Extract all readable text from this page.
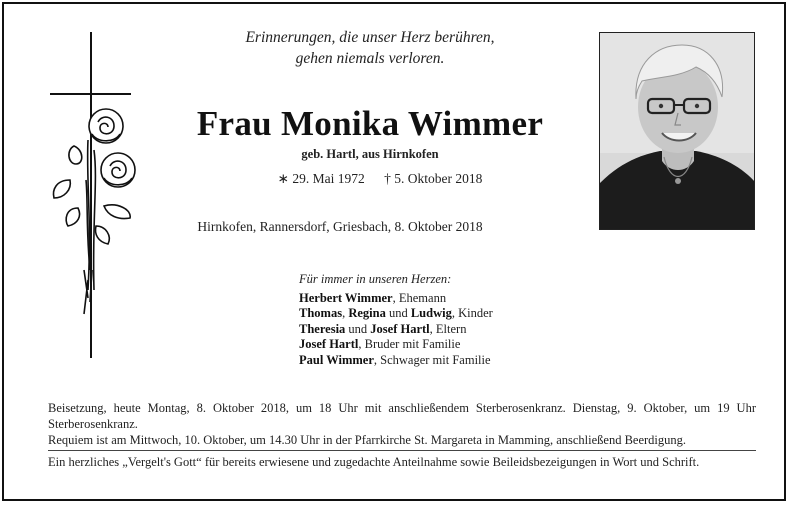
Erinnerungen, die unser Herz berühren,
gehen niemals verloren.
Frau Monika Wimmer
geb. Hartl, aus Hirnkofen
∗ 29. Mai 1972 † 5. Oktober 2018
Hirnkofen, Rannersdorf, Griesbach, 8. Oktober 2018
Für immer in unseren Herzen:
Herbert Wimmer, Ehemann
Thomas, Regina und Ludwig, Kinder
Theresia und Josef Hartl, Eltern
Josef Hartl, Bruder mit Familie
Paul Wimmer, Schwager mit Familie
Beisetzung, heute Montag, 8. Oktober 2018, um 18 Uhr mit anschließendem Sterberosenkranz. Dienstag, 9. Oktober, um 19 Uhr Sterberosenkranz.
Requiem ist am Mittwoch, 10. Oktober, um 14.30 Uhr in der Pfarrkirche St. Margareta in Mamming, anschließend Beerdigung.
Ein herzliches „Vergelt's Gott“ für bereits erwiesene und zugedachte Anteilnahme sowie Beileidsbezeigungen in Wort und Schrift.
